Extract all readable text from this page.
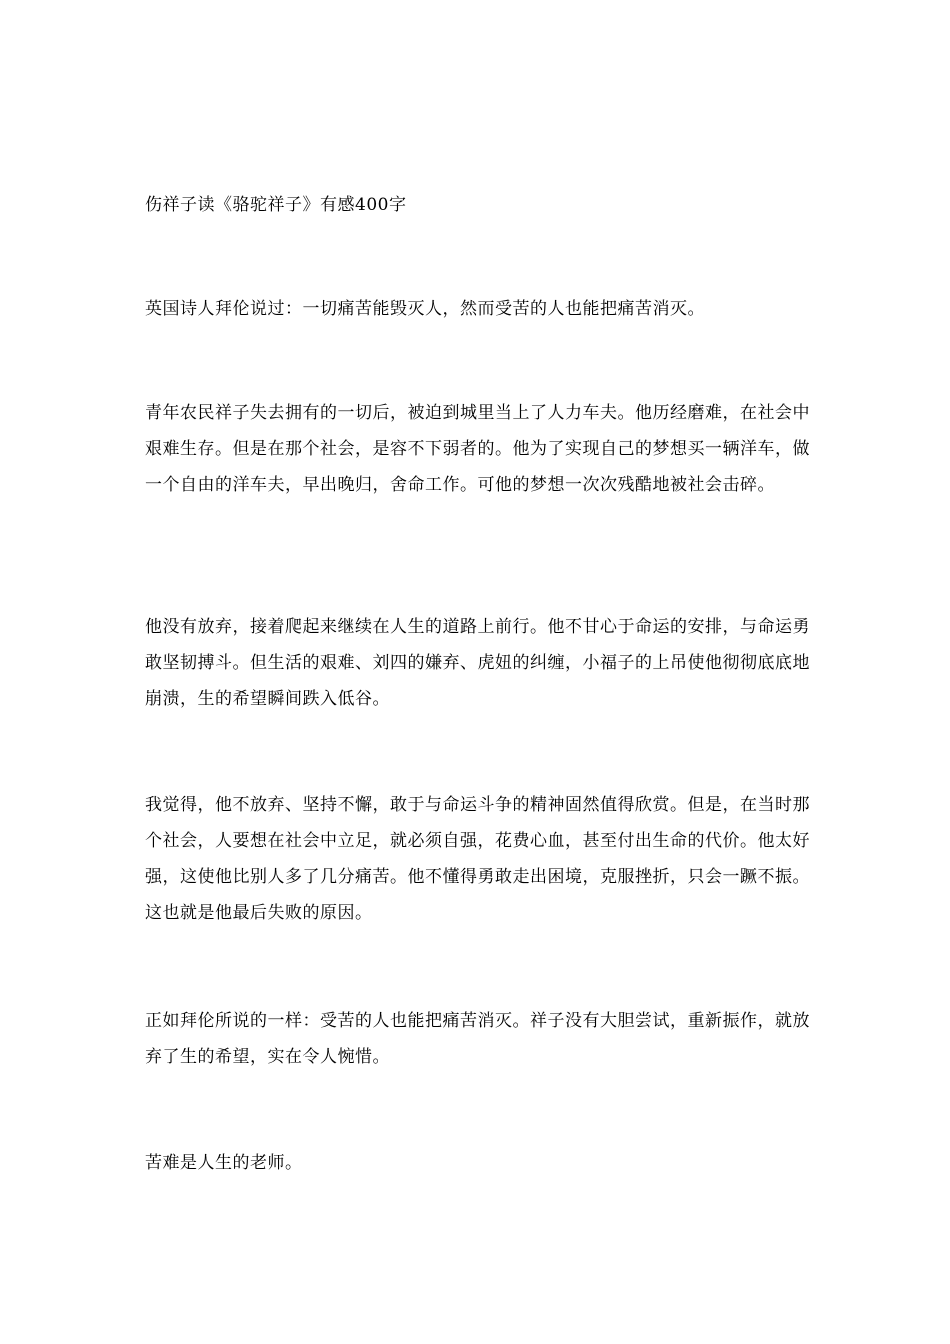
伤祥子读《骆驼祥子》有感400字

英国诗人拜伦说过：一切痛苦能毁灭人，然而受苦的人也能把痛苦消灭。

青年农民祥子失去拥有的一切后，被迫到城里当上了人力车夫。他历经磨难，在社会中艰难生存。但是在那个社会，是容不下弱者的。他为了实现自己的梦想买一辆洋车，做一个自由的洋车夫，早出晚归，舍命工作。可他的梦想一次次残酷地被社会击碎。

他没有放弃，接着爬起来继续在人生的道路上前行。他不甘心于命运的安排，与命运勇敢坚韧搏斗。但生活的艰难、刘四的嫌弃、虎妞的纠缠，小福子的上吊使他彻彻底底地崩溃，生的希望瞬间跌入低谷。

我觉得，他不放弃、坚持不懈，敢于与命运斗争的精神固然值得欣赏。但是，在当时那个社会，人要想在社会中立足，就必须自强，花费心血，甚至付出生命的代价。他太好强，这使他比别人多了几分痛苦。他不懂得勇敢走出困境，克服挫折，只会一蹶不振。这也就是他最后失败的原因。

正如拜伦所说的一样：受苦的人也能把痛苦消灭。祥子没有大胆尝试，重新振作，就放弃了生的希望，实在令人惋惜。

苦难是人生的老师。
